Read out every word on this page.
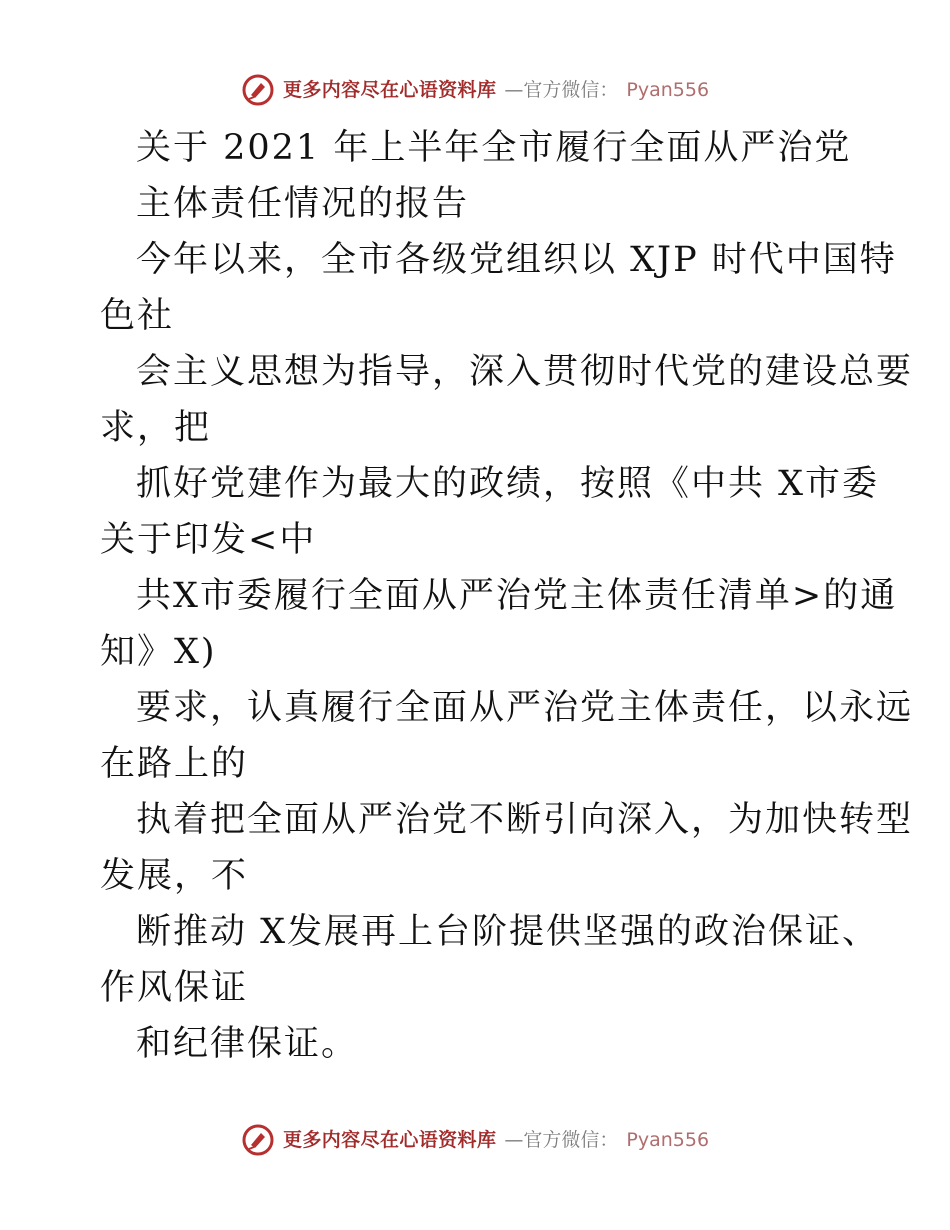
更多内容尽在心语资料库 —官方微信： Pyan556
关于 2021 年上半年全市履行全面从严治党
主体责任情况的报告
今年以来，全市各级党组织以 XJP 时代中国特
色社
会主义思想为指导，深入贯彻时代党的建设总要
求，把
抓好党建作为最大的政绩，按照《中共 X市委
关于印发<中
共X市委履行全面从严治党主体责任清单>的通
知》X)
要求，认真履行全面从严治党主体责任，以永远
在路上的
执着把全面从严治党不断引向深入，为加快转型
发展，不
断推动 X发展再上台阶提供坚强的政治保证、
作风保证
和纪律保证。
更多内容尽在心语资料库 —官方微信： Pyan556
